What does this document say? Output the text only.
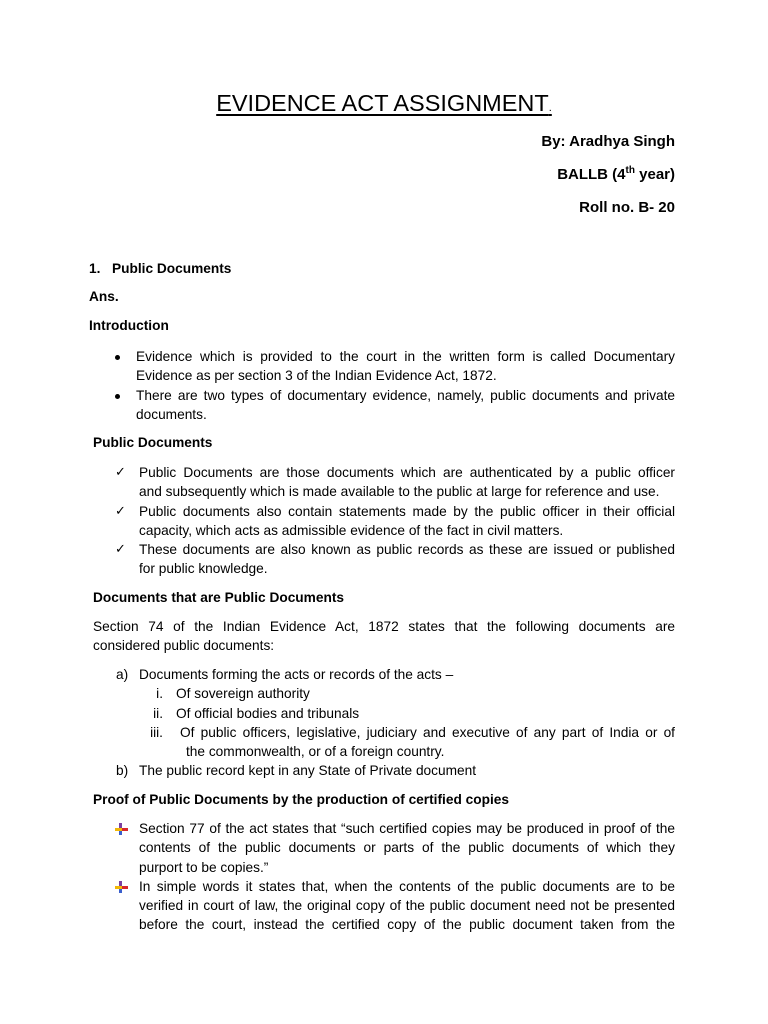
EVIDENCE ACT ASSIGNMENT.
By: Aradhya Singh
BALLB (4th year)
Roll no. B- 20
1. Public Documents
Ans.
Introduction
Evidence which is provided to the court in the written form is called Documentary
Evidence as per section 3 of the Indian Evidence Act, 1872.
There are two types of documentary evidence, namely, public documents and private
documents.
Public Documents
✓
Public Documents are those documents which are authenticated by a public officer
and subsequently which is made available to the public at large for reference and use.
✓
Public documents also contain statements made by the public officer in their official
capacity, which acts as admissible evidence of the fact in civil matters.
✓
These documents are also known as public records as these are issued or published
for public knowledge.
Documents that are Public Documents
Section 74 of the Indian Evidence Act, 1872 states that the following documents are
considered public documents:
a) Documents forming the acts or records of the acts –
i. Of sovereign authority
ii. Of official bodies and tribunals
iii. Of public officers, legislative, judiciary and executive of any part of India or of
the commonwealth, or of a foreign country.
b) The public record kept in any State of Private document
Proof of Public Documents by the production of certified copies
Section 77 of the act states that “such certified copies may be produced in proof of the
contents of the public documents or parts of the public documents of which they
purport to be copies.”
In simple words it states that, when the contents of the public documents are to be
verified in court of law, the original copy of the public document need not be presented
before the court, instead the certified copy of the public document taken from the
